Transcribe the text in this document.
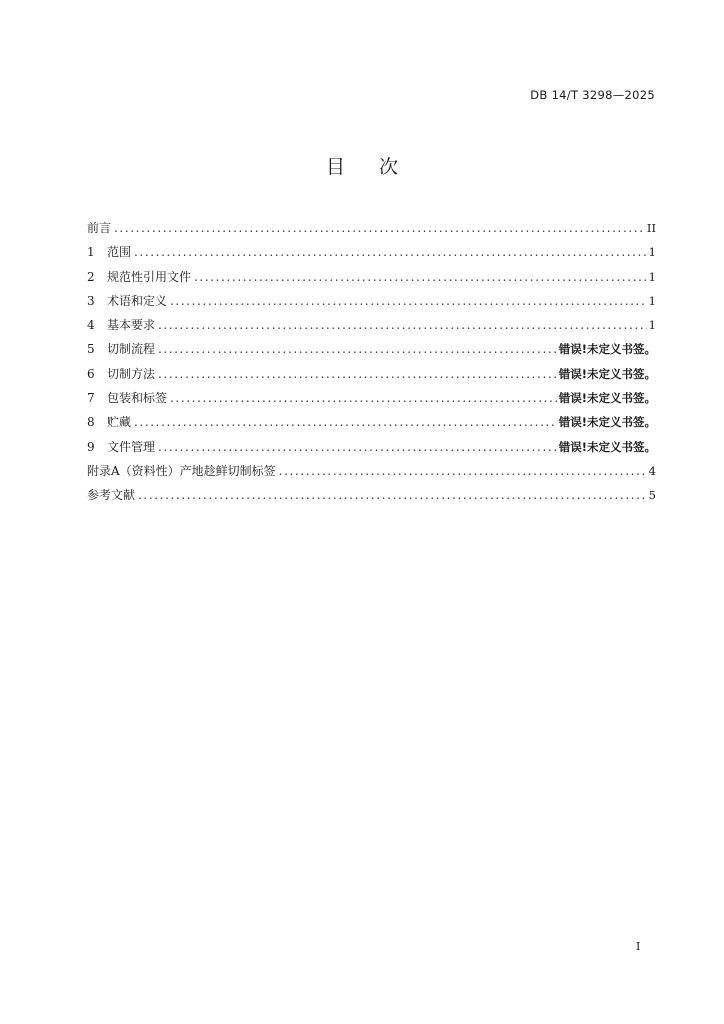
DB 14/T 3298—2025
目 次
前言 .....	II
1	范围 .....	1
2	规范性引用文件 .....	1
3	术语和定义 .....	1
4	基本要求 .....	1
5	切制流程 .....	错误!未定义书签。
6	切制方法 .....	错误!未定义书签。
7	包装和标签 .....	错误!未定义书签。
8	贮藏 .....	错误!未定义书签。
9	文件管理 .....	错误!未定义书签。
附录A（资料性）产地趁鲜切制标签 .....	4
参考文献 .....	5
I
